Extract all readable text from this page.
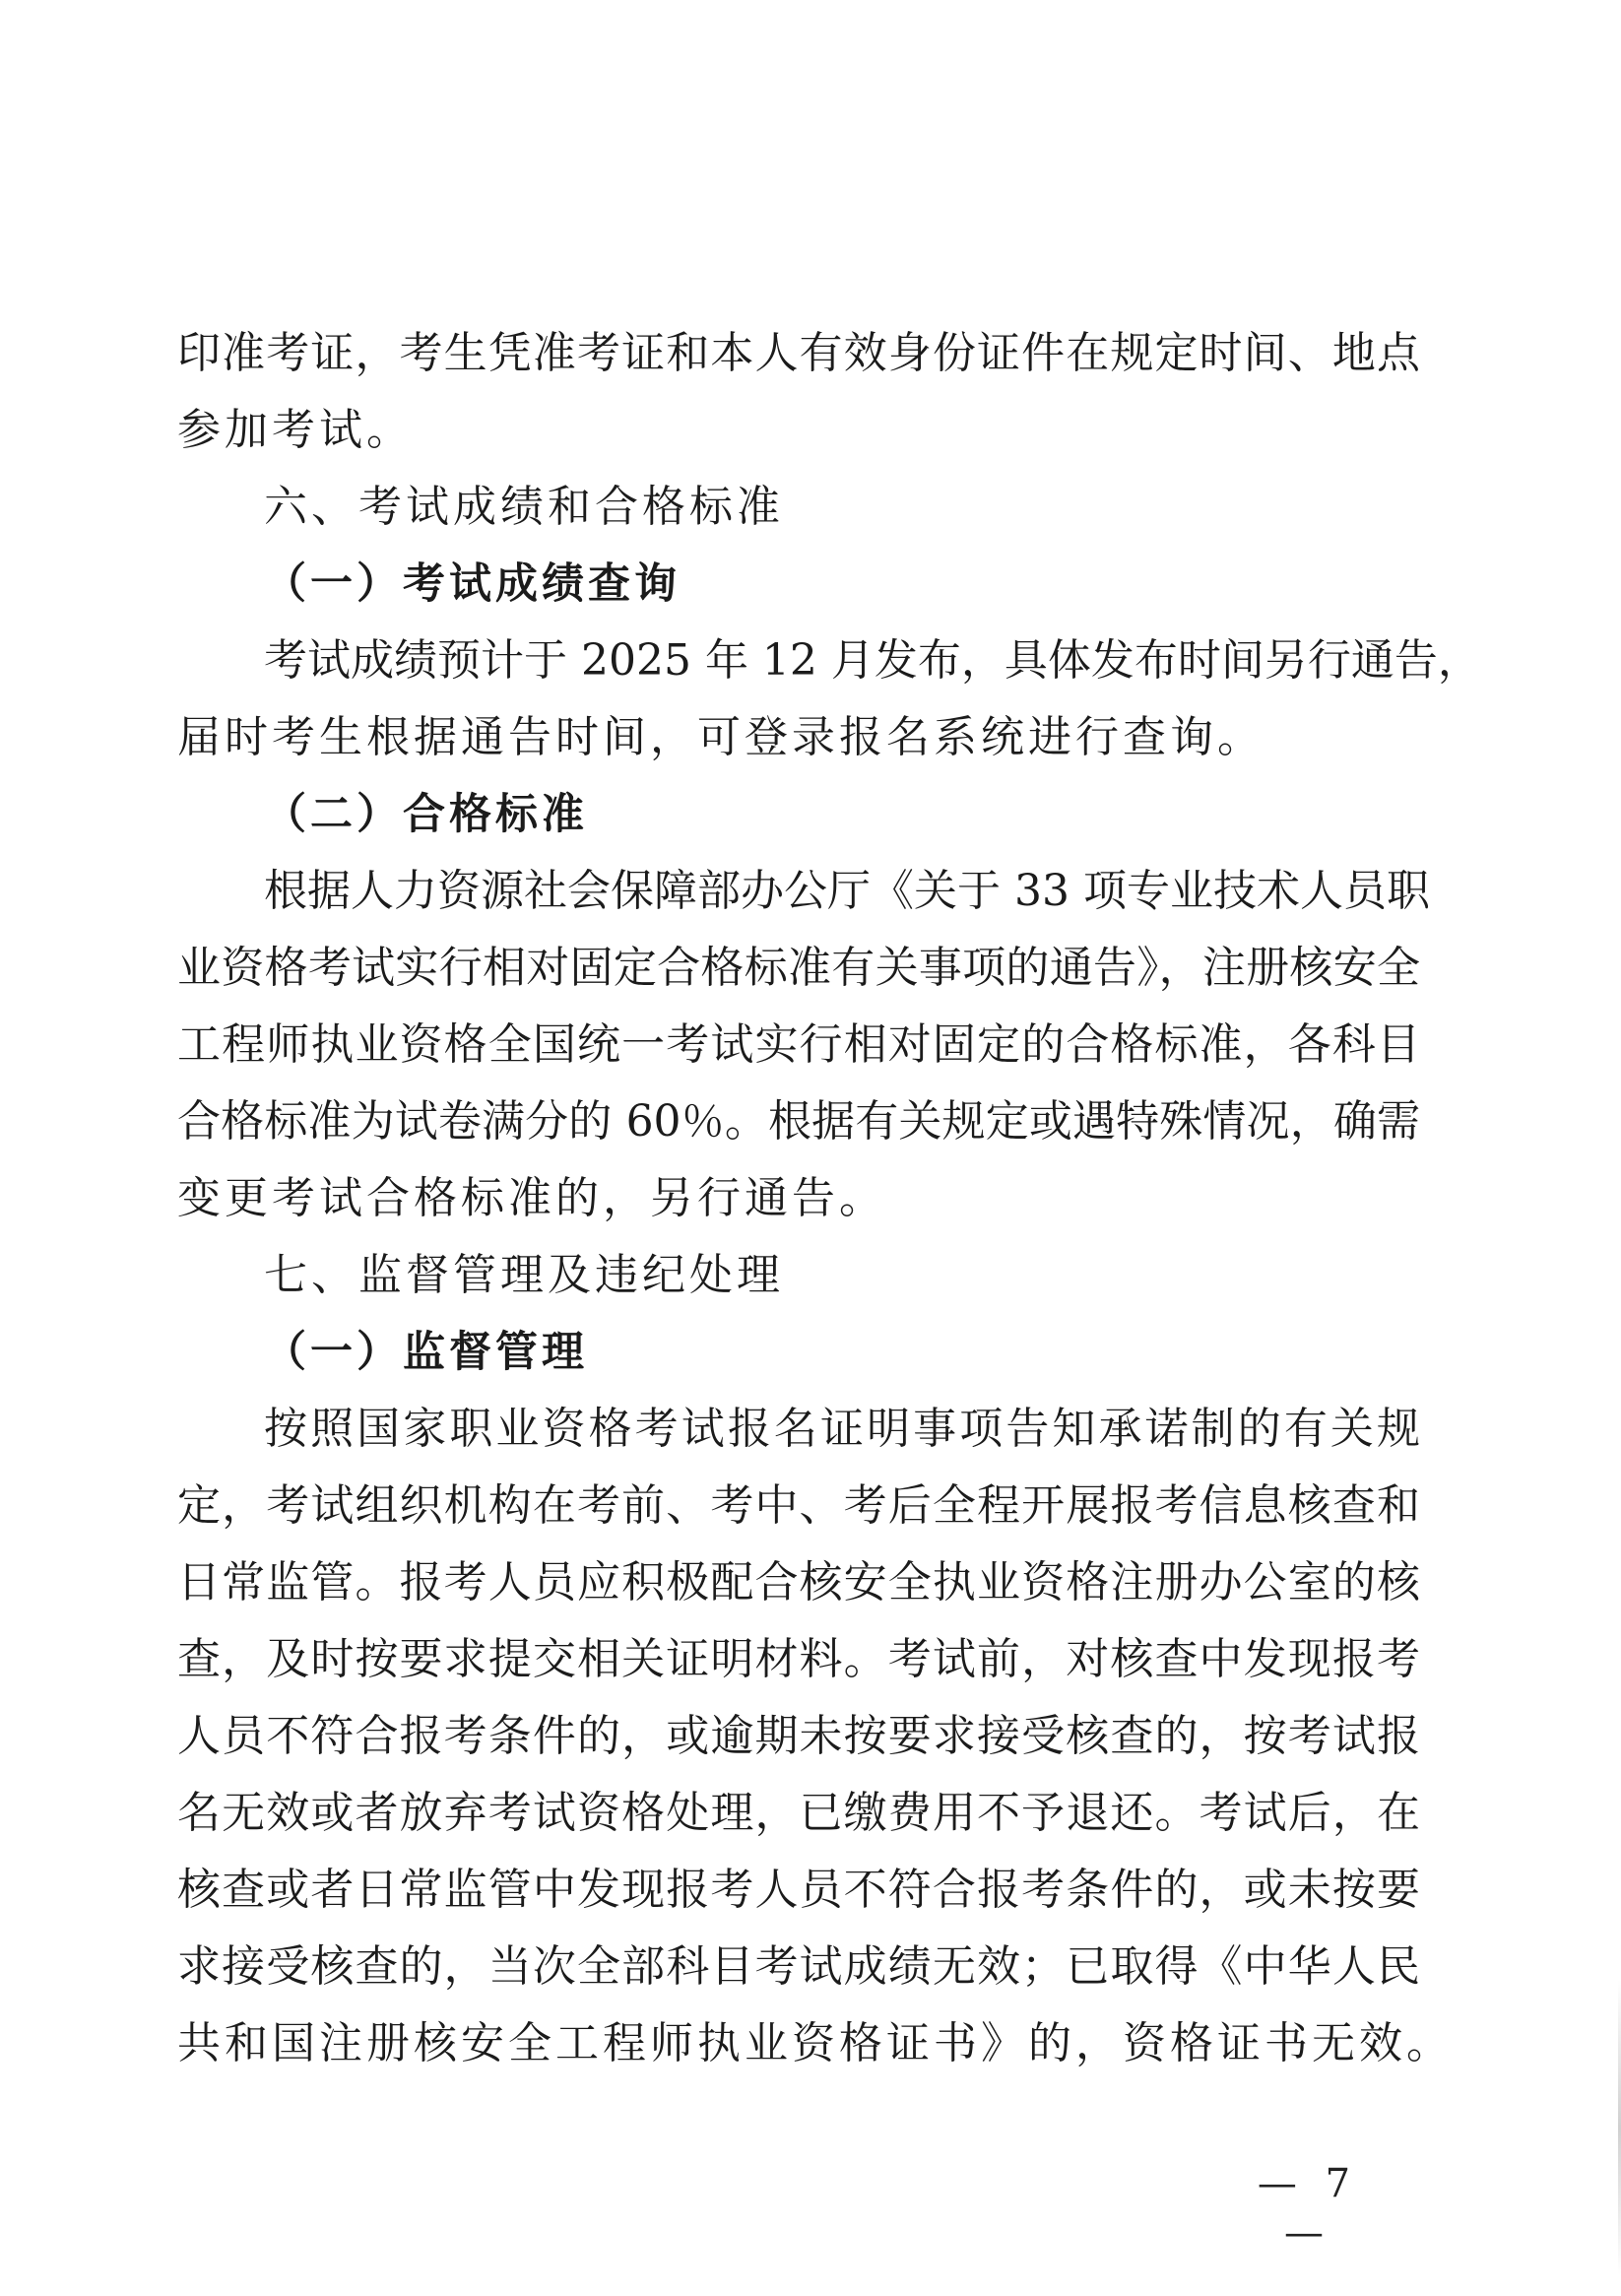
印准考证，考生凭准考证和本人有效身份证件在规定时间、地点
参加考试。
六、考试成绩和合格标准
（一）考试成绩查询
考试成绩预计于 2025 年 12 月发布，具体发布时间另行通告，
届时考生根据通告时间，可登录报名系统进行查询。
（二）合格标准
根据人力资源社会保障部办公厅《关于 33 项专业技术人员职
业资格考试实行相对固定合格标准有关事项的通告》，注册核安全
工程师执业资格全国统一考试实行相对固定的合格标准，各科目
合格标准为试卷满分的 60％。根据有关规定或遇特殊情况，确需
变更考试合格标准的，另行通告。
七、监督管理及违纪处理
（一）监督管理
按照国家职业资格考试报名证明事项告知承诺制的有关规
定，考试组织机构在考前、考中、考后全程开展报考信息核查和
日常监管。报考人员应积极配合核安全执业资格注册办公室的核
查，及时按要求提交相关证明材料。考试前，对核查中发现报考
人员不符合报考条件的，或逾期未按要求接受核查的，按考试报
名无效或者放弃考试资格处理，已缴费用不予退还。考试后，在
核查或者日常监管中发现报考人员不符合报考条件的，或未按要
求接受核查的，当次全部科目考试成绩无效；已取得《中华人民
共和国注册核安全工程师执业资格证书》的，资格证书无效。
— 7 —
